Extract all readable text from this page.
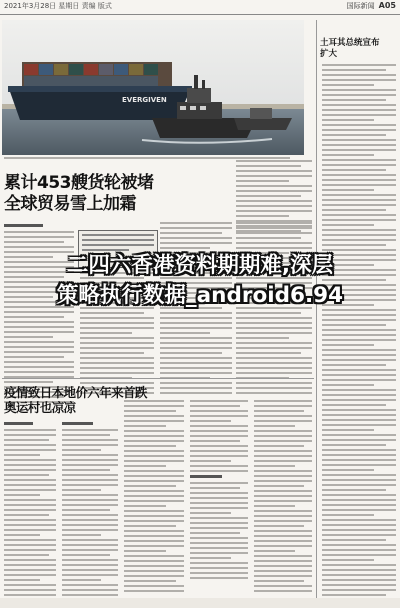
2021年3月28日 星期日 责编 版式	国际新闻 A05
EVERGIVEN
土耳其总统宣布
扩大
累计453艘货轮被堵
全球贸易雪上加霜
疫情致日本地价六年来首跌
奥运村也凉凉
二四六香港资料期期难,深层
策略执行数据_android6.94
